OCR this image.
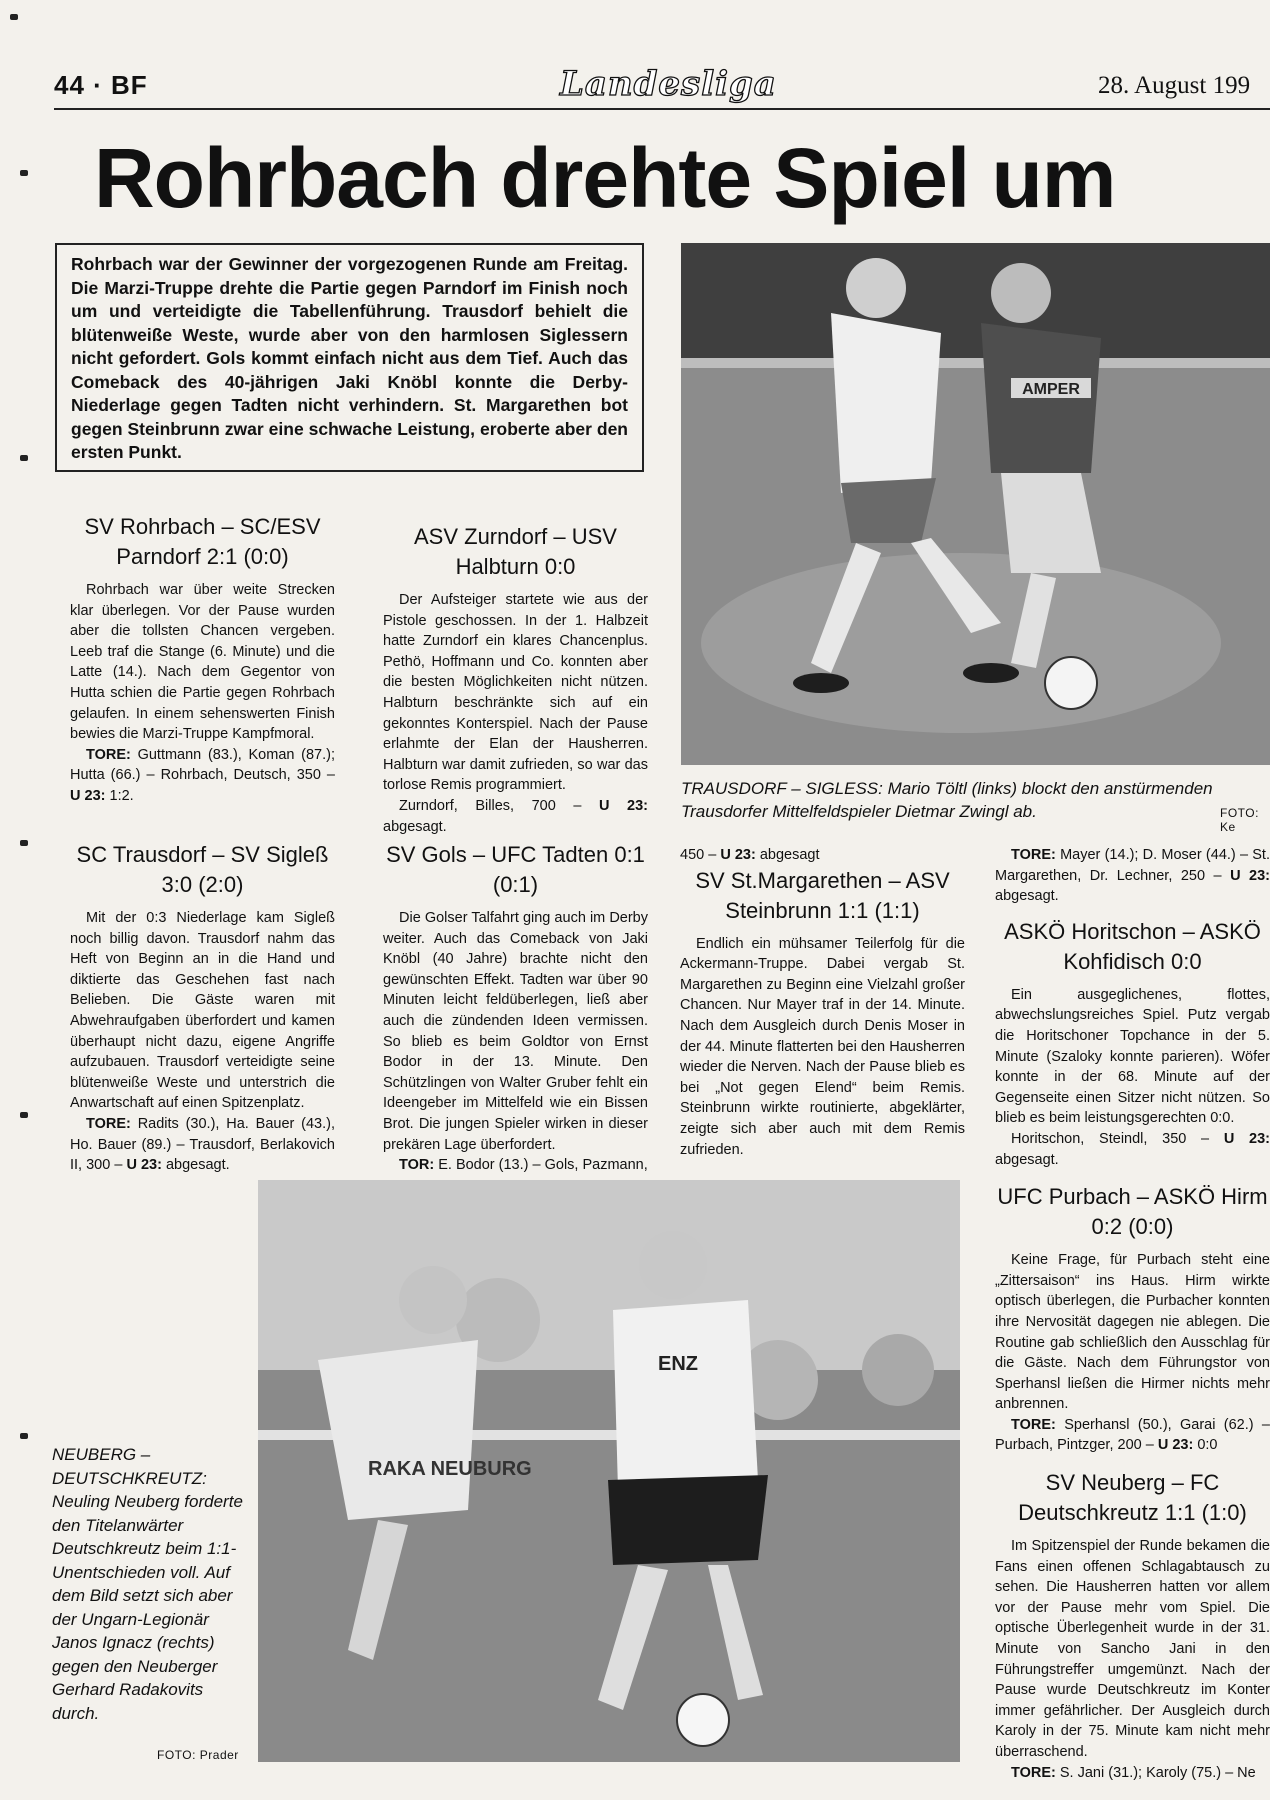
44 · BF	Landesliga	28. August 199
Rohrbach drehte Spiel um
Rohrbach war der Gewinner der vorgezogenen Runde am Freitag. Die Marzi-Truppe drehte die Partie gegen Parndorf im Finish noch um und verteidigte die Tabellenführung. Trausdorf behielt die blütenweiße Weste, wurde aber von den harmlosen Siglessern nicht gefordert. Gols kommt einfach nicht aus dem Tief. Auch das Comeback des 40-jährigen Jaki Knöbl konnte die Derby-Niederlage gegen Tadten nicht verhindern. St. Margarethen bot gegen Steinbrunn zwar eine schwache Leistung, eroberte aber den ersten Punkt.
AMPER
TRAUSDORF – SIGLESS: Mario Töltl (links) blockt den anstürmenden Trausdorfer Mittelfeldspieler Dietmar Zwingl ab.	FOTO: Ke
SV Rohrbach – SC/ESV Parndorf 2:1 (0:0)

Rohrbach war über weite Strecken klar überlegen. Vor der Pause wurden aber die tollsten Chancen vergeben. Leeb traf die Stange (6. Minute) und die Latte (14.). Nach dem Gegentor von Hutta schien die Partie gegen Rohrbach gelaufen. In einem sehenswerten Finish bewies die Marzi-Truppe Kampfmoral.

TORE: Guttmann (83.), Koman (87.); Hutta (66.) – Rohrbach, Deutsch, 350 – U 23: 1:2.

ASV Zurndorf – USV Halbturn 0:0

Der Aufsteiger startete wie aus der Pistole geschossen. In der 1. Halbzeit hatte Zurndorf ein klares Chancenplus. Pethö, Hoffmann und Co. konnten aber die besten Möglichkeiten nicht nützen. Halbturn beschränkte sich auf ein gekonntes Konterspiel. Nach der Pause erlahmte der Elan der Hausherren. Halbturn war damit zufrieden, so war das torlose Remis programmiert.

Zurndorf, Billes, 700 – U 23: abgesagt.

SC Trausdorf – SV Sigleß 3:0 (2:0)

Mit der 0:3 Niederlage kam Sigleß noch billig davon. Trausdorf nahm das Heft von Beginn an in die Hand und diktierte das Geschehen fast nach Belieben. Die Gäste waren mit Abwehraufgaben überfordert und kamen überhaupt nicht dazu, eigene Angriffe aufzubauen. Trausdorf verteidigte seine blütenweiße Weste und unterstrich die Anwartschaft auf einen Spitzenplatz.

TORE: Radits (30.), Ha. Bauer (43.), Ho. Bauer (89.) – Trausdorf, Berlakovich II, 300 – U 23: abgesagt.

SV Gols – UFC Tadten 0:1 (0:1)

Die Golser Talfahrt ging auch im Derby weiter. Auch das Comeback von Jaki Knöbl (40 Jahre) brachte nicht den gewünschten Effekt. Tadten war über 90 Minuten leicht feldüberlegen, ließ aber auch die zündenden Ideen vermissen. So blieb es beim Goldtor von Ernst Bodor in der 13. Minute. Den Schützlingen von Walter Gruber fehlt ein Ideengeber im Mittelfeld wie ein Bissen Brot. Die jungen Spieler wirken in dieser prekären Lage überfordert.

TOR: E. Bodor (13.) – Gols, Pazmann,

450 – U 23: abgesagt

SV St.Margarethen – ASV Steinbrunn 1:1 (1:1)

Endlich ein mühsamer Teilerfolg für die Ackermann-Truppe. Dabei vergab St. Margarethen zu Beginn eine Vielzahl großer Chancen. Nur Mayer traf in der 14. Minute. Nach dem Ausgleich durch Denis Moser in der 44. Minute flatterten bei den Hausherren wieder die Nerven. Nach der Pause blieb es bei „Not gegen Elend“ beim Remis. Steinbrunn wirkte routinierte, abgeklärter, zeigte sich aber auch mit dem Remis zufrieden.

TORE: Mayer (14.); D. Moser (44.) – St. Margarethen, Dr. Lechner, 250 – U 23: abgesagt.

ASKÖ Horitschon – ASKÖ Kohfidisch 0:0

Ein ausgeglichenes, flottes, abwechslungsreiches Spiel. Putz vergab die Horitschoner Topchance in der 5. Minute (Szaloky konnte parieren). Wöfer konnte in der 68. Minute auf der Gegenseite einen Sitzer nicht nützen. So blieb es beim leistungsgerechten 0:0.

Horitschon, Steindl, 350 – U 23: abgesagt.

UFC Purbach – ASKÖ Hirm 0:2 (0:0)

Keine Frage, für Purbach steht eine „Zittersaison“ ins Haus. Hirm wirkte optisch überlegen, die Purbacher konnten ihre Nervosität dagegen nie ablegen. Die Routine gab schließlich den Ausschlag für die Gäste. Nach dem Führungstor von Sperhansl ließen die Hirmer nichts mehr anbrennen.

TORE: Sperhansl (50.), Garai (62.) – Purbach, Pintzger, 200 – U 23: 0:0

SV Neuberg – FC Deutschkreutz 1:1 (1:0)

Im Spitzenspiel der Runde bekamen die Fans einen offenen Schlagabtausch zu sehen. Die Hausherren hatten vor allem vor der Pause mehr vom Spiel. Die optische Überlegenheit wurde in der 31. Minute von Sancho Jani in den Führungstreffer umgemünzt. Nach der Pause wurde Deutschkreutz im Konter immer gefährlicher. Der Ausgleich durch Karoly in der 75. Minute kam nicht mehr überraschend.

TORE: S. Jani (31.); Karoly (75.) – Ne

RAKA NEUBURG
ENZ
NEUBERG – DEUTSCHKREUTZ: Neuling Neuberg forderte den Titelanwärter Deutschkreutz beim 1:1-Unentschieden voll. Auf dem Bild setzt sich aber der Ungarn-Legionär Janos Ignacz (rechts) gegen den Neuberger Gerhard Radakovits durch.
FOTO: Prader
